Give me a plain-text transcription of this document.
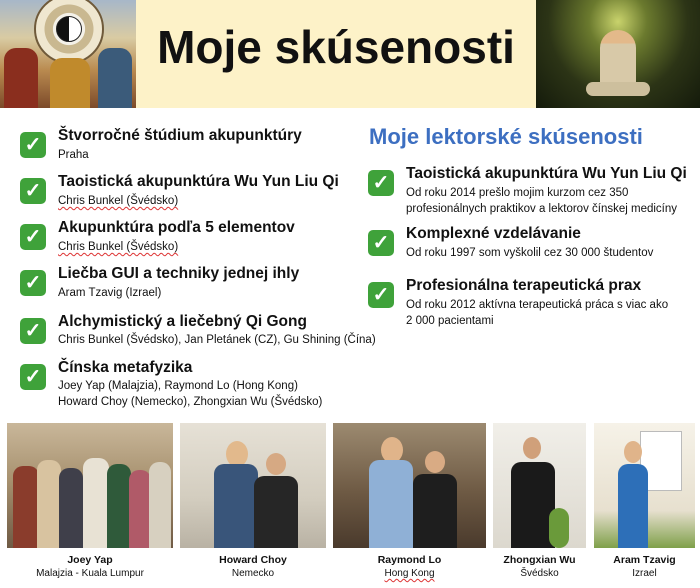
Moje skúsenosti
✓ Štvorročné štúdium akupunktúry
Praha
✓ Taoistická akupunktúra Wu Yun Liu Qi
Chris Bunkel (Švédsko)
✓ Akupunktúra podľa 5 elementov
Chris Bunkel (Švédsko)
✓ Liečba GUI a techniky jednej ihly
Aram Tzavig (Izrael)
✓ Alchymistický a liečebný Qi Gong
Chris Bunkel (Švédsko), Jan Pletánek (CZ), Gu Shining (Čína)
✓ Čínska metafyzika
Joey Yap (Malajzia), Raymond Lo (Hong Kong)
Howard Choy (Nemecko), Zhongxian Wu (Švédsko)
Moje lektorské skúsenosti
✓ Taoistická akupunktúra Wu Yun Liu Qi
Od roku 2014 prešlo mojim kurzom cez 350
profesionálnych praktikov a lektorov čínskej medicíny
✓ Komplexné vzdelávanie
Od roku 1997 som vyškolil cez 30 000 študentov
✓ Profesionálna terapeutická prax
Od roku 2012 aktívna terapeutická práca s viac ako
2 000 pacientami
Joey Yap
Malajzia - Kuala Lumpur
Howard Choy
Nemecko
Raymond Lo
Hong Kong
Zhongxian Wu
Švédsko
Aram Tzavig
Izrael
